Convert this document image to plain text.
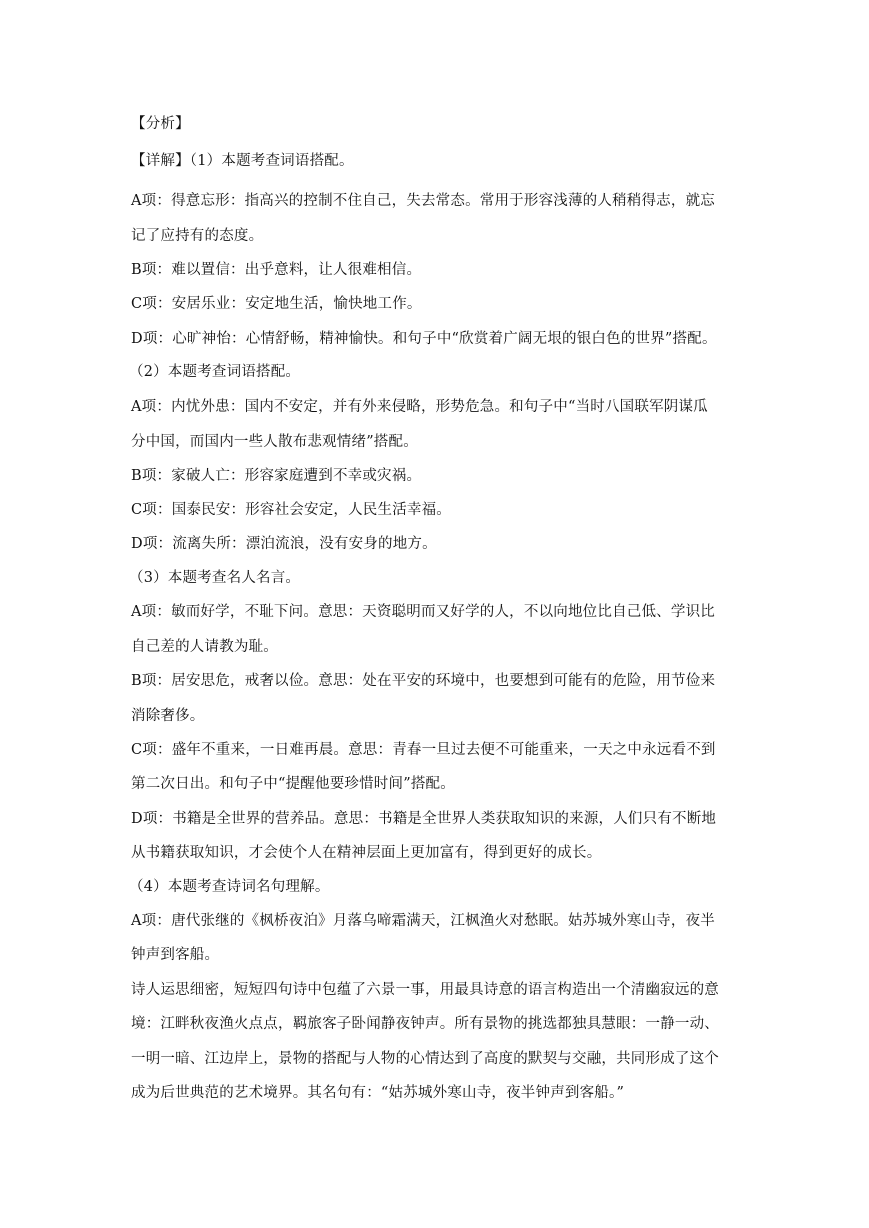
【分析】
【详解】（1）本题考查词语搭配。
A项：得意忘形：指高兴的控制不住自己，失去常态。常用于形容浅薄的人稍稍得志，就忘
记了应持有的态度。
B项：难以置信：出乎意料，让人很难相信。
C项：安居乐业：安定地生活，愉快地工作。
D项：心旷神怡：心情舒畅，精神愉快。和句子中“欣赏着广阔无垠的银白色的世界”搭配。
（2）本题考查词语搭配。
A项：内忧外患：国内不安定，并有外来侵略，形势危急。和句子中“当时八国联军阴谋瓜
分中国，而国内一些人散布悲观情绪”搭配。
B项：家破人亡：形容家庭遭到不幸或灾祸。
C项：国泰民安：形容社会安定，人民生活幸福。
D项：流离失所：漂泊流浪，没有安身的地方。
（3）本题考查名人名言。
A项：敏而好学，不耻下问。意思：天资聪明而又好学的人，不以向地位比自己低、学识比
自己差的人请教为耻。
B项：居安思危，戒奢以俭。意思：处在平安的环境中，也要想到可能有的危险，用节俭来
消除奢侈。
C项：盛年不重来，一日难再晨。意思：青春一旦过去便不可能重来，一天之中永远看不到
第二次日出。和句子中“提醒他要珍惜时间”搭配。
D项：书籍是全世界的营养品。意思：书籍是全世界人类获取知识的来源，人们只有不断地
从书籍获取知识，才会使个人在精神层面上更加富有，得到更好的成长。
（4）本题考查诗词名句理解。
A项：唐代张继的《枫桥夜泊》月落乌啼霜满天，江枫渔火对愁眠。姑苏城外寒山寺，夜半
钟声到客船。
诗人运思细密，短短四句诗中包蕴了六景一事，用最具诗意的语言构造出一个清幽寂远的意
境：江畔秋夜渔火点点，羁旅客子卧闻静夜钟声。所有景物的挑选都独具慧眼：一静一动、
一明一暗、江边岸上，景物的搭配与人物的心情达到了高度的默契与交融，共同形成了这个
成为后世典范的艺术境界。其名句有：“姑苏城外寒山寺，夜半钟声到客船。”
